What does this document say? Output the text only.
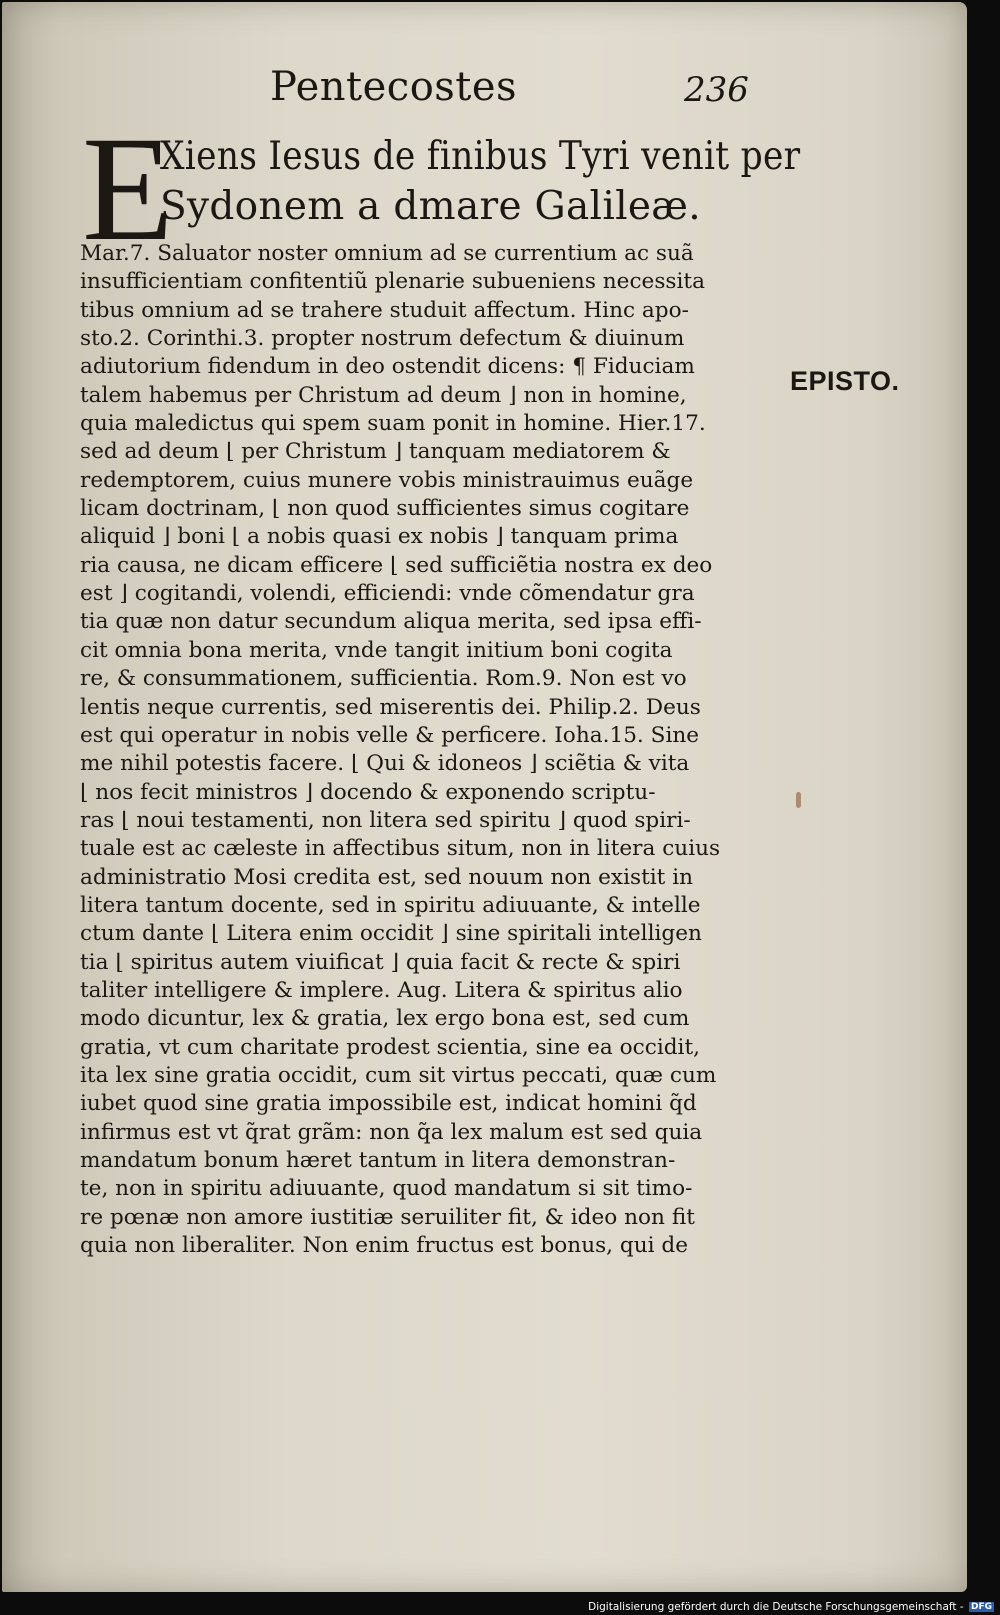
Pentecostes	236
E
Xiens Iesus de finibus Tyri venit per
Sydonem a dmare Galileæ.
Mar.7. Saluator noster omnium ad se currentium ac suã
insufficientiam confitentiũ plenarie subueniens necessita
tibus omnium ad se trahere studuit affectum. Hinc apo-
sto.2. Corinthi.3. propter nostrum defectum & diuinum
adiutorium fidendum in deo ostendit dicens: ¶ Fiduciam
talem habemus per Christum ad deum ⌋ non in homine,
quia maledictus qui spem suam ponit in homine. Hier.17.
sed ad deum ⌊ per Christum ⌋ tanquam mediatorem &
redemptorem, cuius munere vobis ministrauimus euãge
licam doctrinam, ⌊ non quod sufficientes simus cogitare
aliquid ⌋ boni ⌊ a nobis quasi ex nobis ⌋ tanquam prima
ria causa, ne dicam efficere ⌊ sed sufficiẽtia nostra ex deo
est ⌋ cogitandi, volendi, efficiendi: vnde cõmendatur gra
tia quæ non datur secundum aliqua merita, sed ipsa effi-
cit omnia bona merita, vnde tangit initium boni cogita
re, & consummationem, sufficientia. Rom.9. Non est vo
lentis neque currentis, sed miserentis dei. Philip.2. Deus
est qui operatur in nobis velle & perficere. Ioha.15. Sine
me nihil potestis facere. ⌊ Qui & idoneos ⌋ sciẽtia & vita
⌊ nos fecit ministros ⌋ docendo & exponendo scriptu-
ras ⌊ noui testamenti, non litera sed spiritu ⌋ quod spiri-
tuale est ac cæleste in affectibus situm, non in litera cuius
administratio Mosi credita est, sed nouum non existit in
litera tantum docente, sed in spiritu adiuuante, & intelle
ctum dante ⌊ Litera enim occidit ⌋ sine spiritali intelligen
tia ⌊ spiritus autem viuificat ⌋ quia facit & recte & spiri
taliter intelligere & implere. Aug. Litera & spiritus alio
modo dicuntur, lex & gratia, lex ergo bona est, sed cum
gratia, vt cum charitate prodest scientia, sine ea occidit,
ita lex sine gratia occidit, cum sit virtus peccati, quæ cum
iubet quod sine gratia impossibile est, indicat homini q̃d
infirmus est vt q̃rat grãm: non q̃a lex malum est sed quia
mandatum bonum hæret tantum in litera demonstran-
te, non in spiritu adiuuante, quod mandatum si sit timo-
re pœnæ non amore iustitiæ seruiliter fit, & ideo non fit
quia non liberaliter. Non enim fructus est bonus, qui de
EPISTO.
Digitalisierung gefördert durch die Deutsche Forschungsgemeinschaft - DFG
